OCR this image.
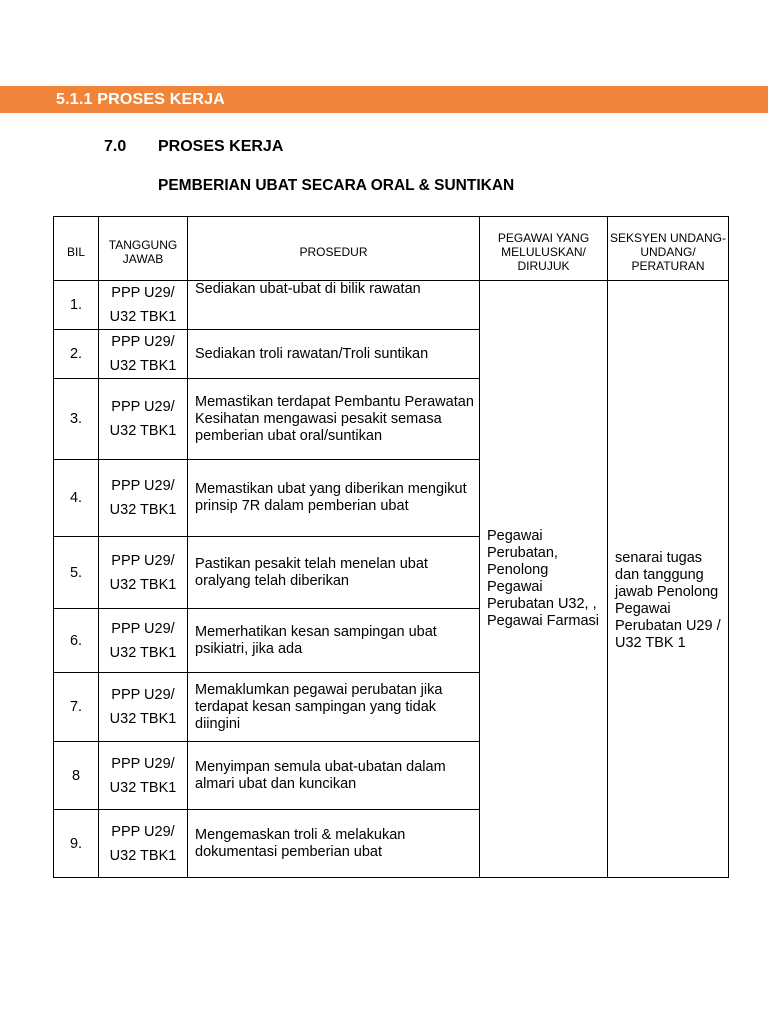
5.1.1 PROSES KERJA
7.0 PROSES KERJA
PEMBERIAN UBAT SECARA ORAL & SUNTIKAN
BIL	TANGGUNG JAWAB	PROSEDUR	PEGAWAI YANG MELULUSKAN/ DIRUJUK	SEKSYEN UNDANG-UNDANG/ PERATURAN
1.	PPP U29/
U32 TBK1	Sediakan ubat-ubat di bilik rawatan	Pegawai Perubatan, Penolong Pegawai Perubatan U32, , Pegawai Farmasi	senarai tugas dan tanggung jawab Penolong Pegawai Perubatan U29 / U32 TBK 1
2.	PPP U29/
U32 TBK1	Sediakan troli rawatan/Troli suntikan		
3.	PPP U29/
U32 TBK1	Memastikan terdapat Pembantu Perawatan Kesihatan mengawasi pesakit semasa pemberian ubat oral/suntikan		
4.	PPP U29/
U32 TBK1	Memastikan ubat yang diberikan mengikut prinsip 7R dalam pemberian ubat		
5.	PPP U29/
U32 TBK1	Pastikan pesakit telah menelan ubat oralyang telah diberikan		
6.	PPP U29/
U32 TBK1	Memerhatikan kesan sampingan ubat psikiatri, jika ada		
7.	PPP U29/
U32 TBK1	Memaklumkan pegawai perubatan jika terdapat kesan sampingan yang tidak diingini		
8	PPP U29/
U32 TBK1	Menyimpan semula ubat-ubatan dalam almari ubat dan kuncikan		
9.	PPP U29/
U32 TBK1	Mengemaskan troli & melakukan dokumentasi pemberian ubat		
